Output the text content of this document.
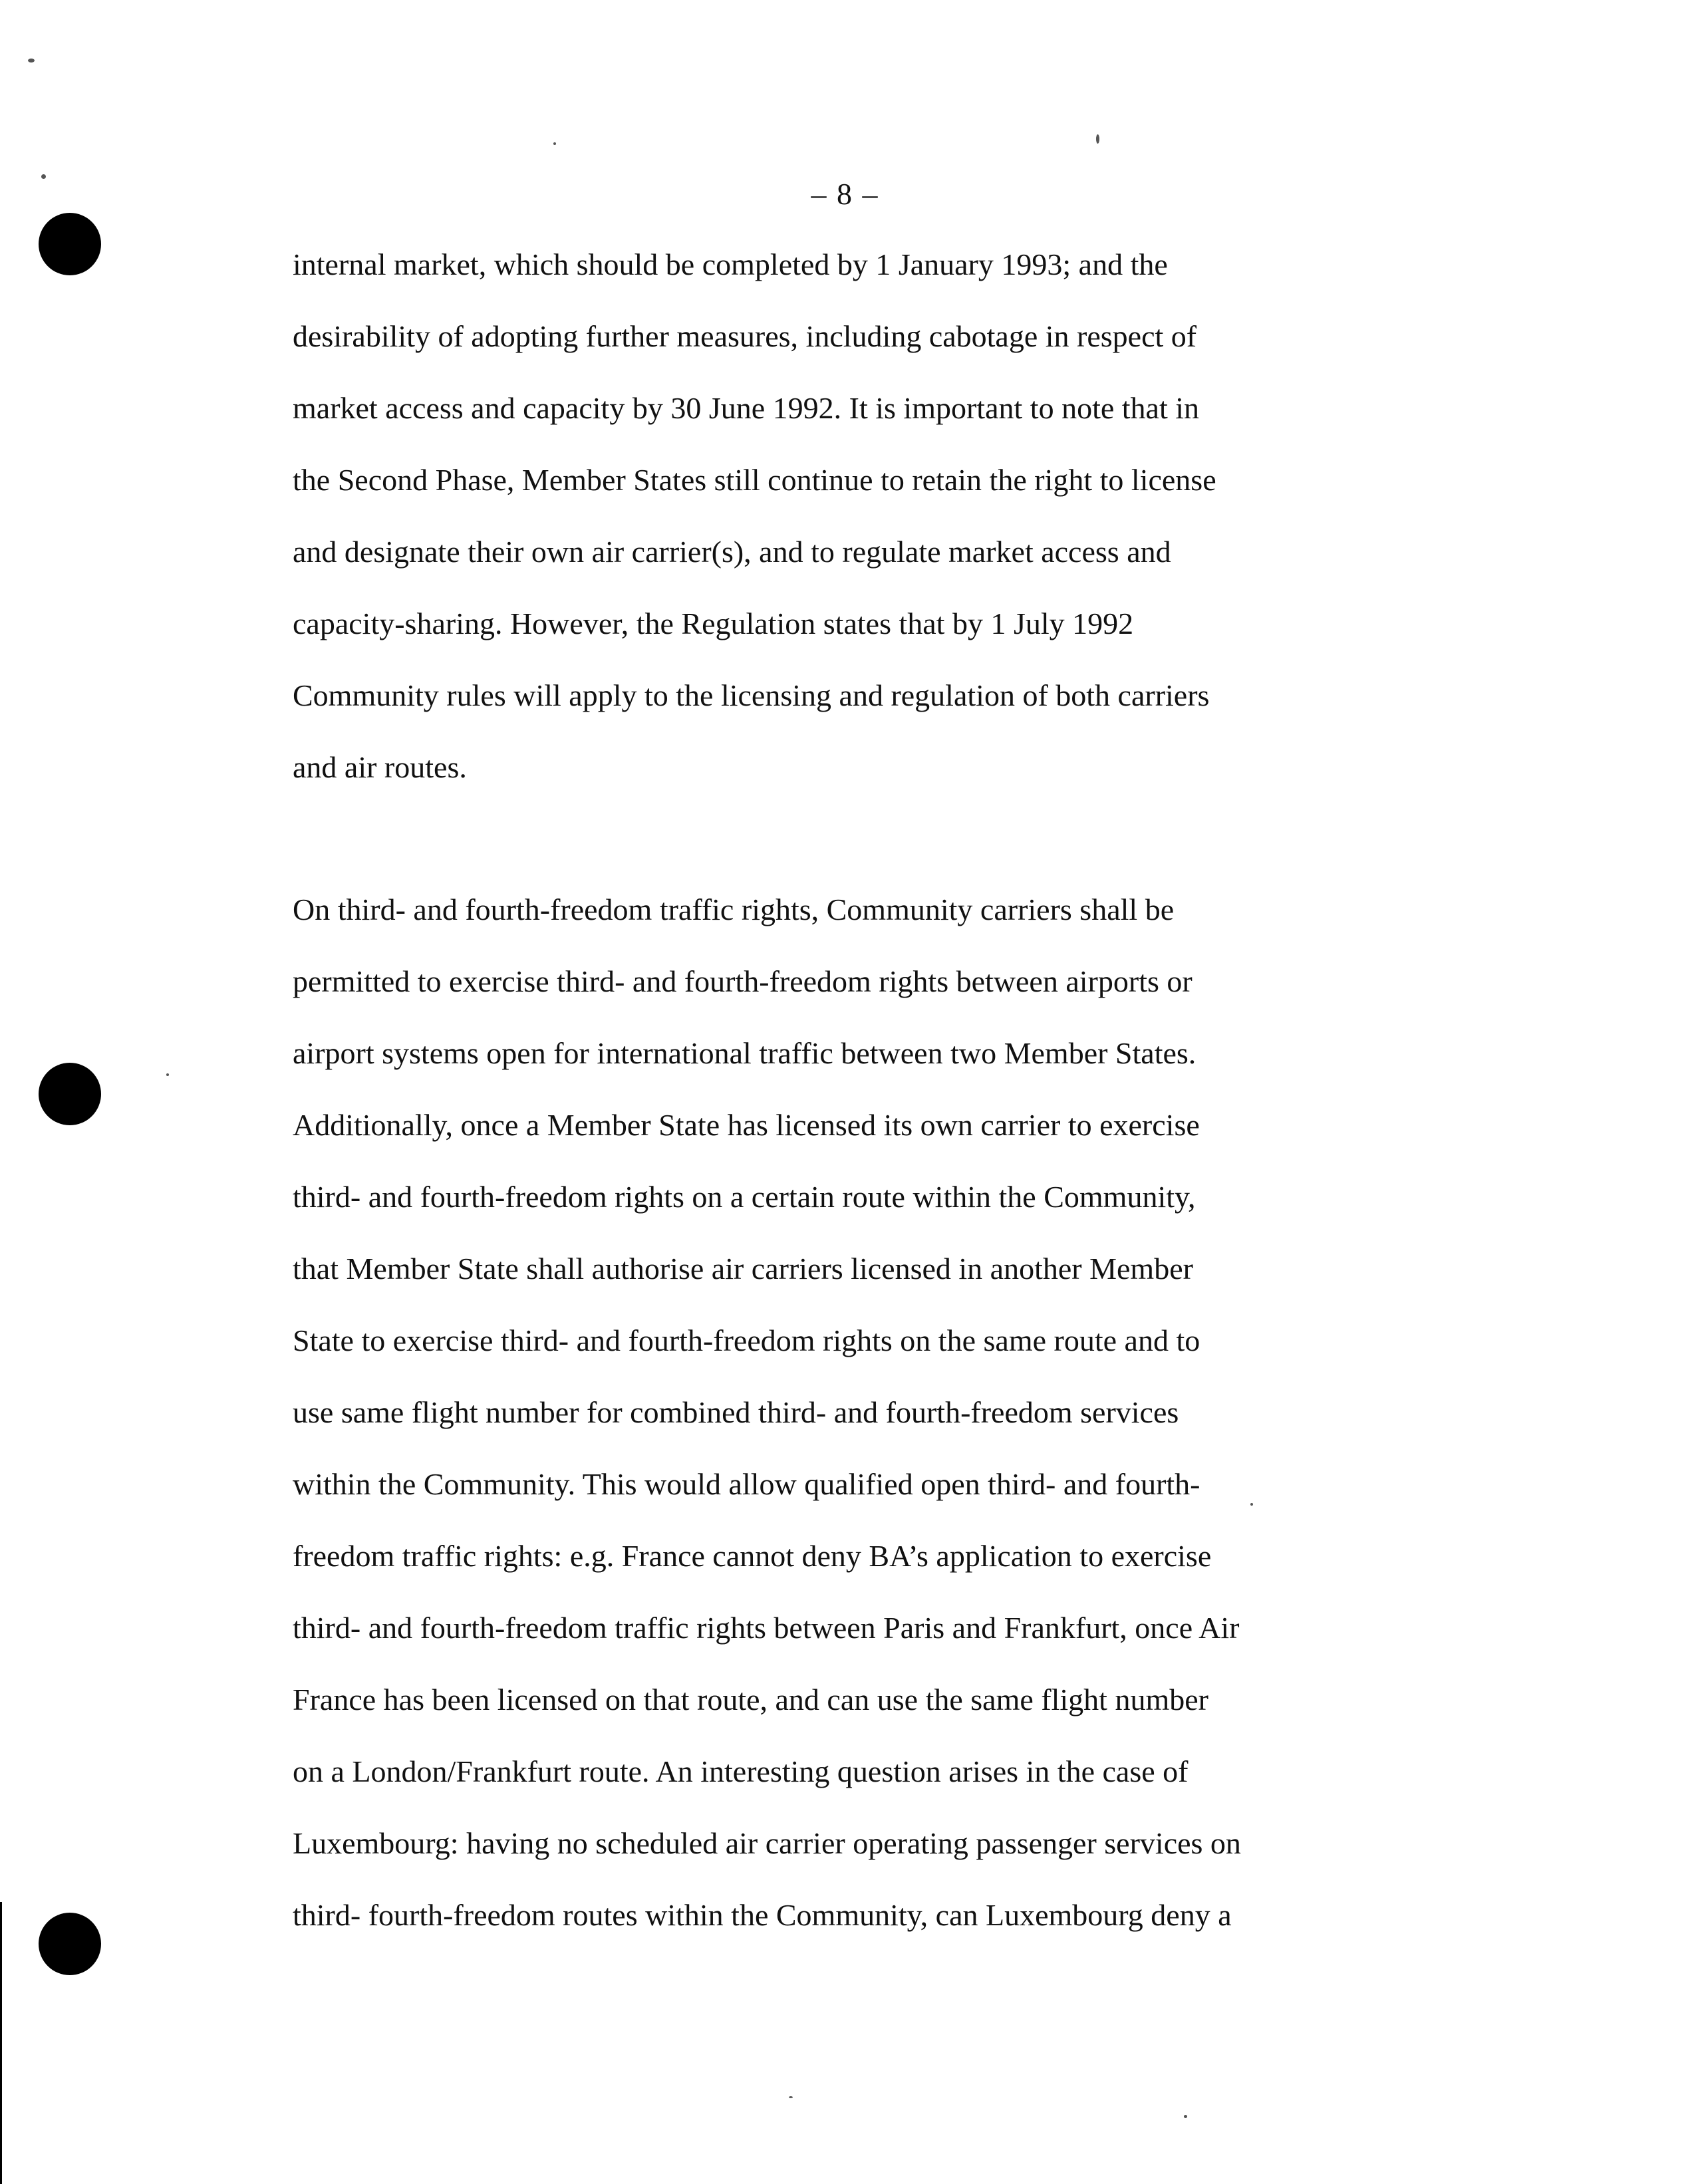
– 8 –
internal market, which should be completed by 1 January 1993; and the
desirability of adopting further measures, including cabotage in respect of
market access and capacity by 30 June 1992. It is important to note that in
the Second Phase, Member States still continue to retain the right to license
and designate their own air carrier(s), and to regulate market access and
capacity-sharing. However, the Regulation states that by 1 July 1992
Community rules will apply to the licensing and regulation of both carriers
and air routes.
On third- and fourth-freedom traffic rights, Community carriers shall be
permitted to exercise third- and fourth-freedom rights between airports or
airport systems open for international traffic between two Member States.
Additionally, once a Member State has licensed its own carrier to exercise
third- and fourth-freedom rights on a certain route within the Community,
that Member State shall authorise air carriers licensed in another Member
State to exercise third- and fourth-freedom rights on the same route and to
use same flight number for combined third- and fourth-freedom services
within the Community. This would allow qualified open third- and fourth-
freedom traffic rights: e.g. France cannot deny BA’s application to exercise
third- and fourth-freedom traffic rights between Paris and Frankfurt, once Air
France has been licensed on that route, and can use the same flight number
on a London/Frankfurt route. An interesting question arises in the case of
Luxembourg: having no scheduled air carrier operating passenger services on
third- fourth-freedom routes within the Community, can Luxembourg deny a
